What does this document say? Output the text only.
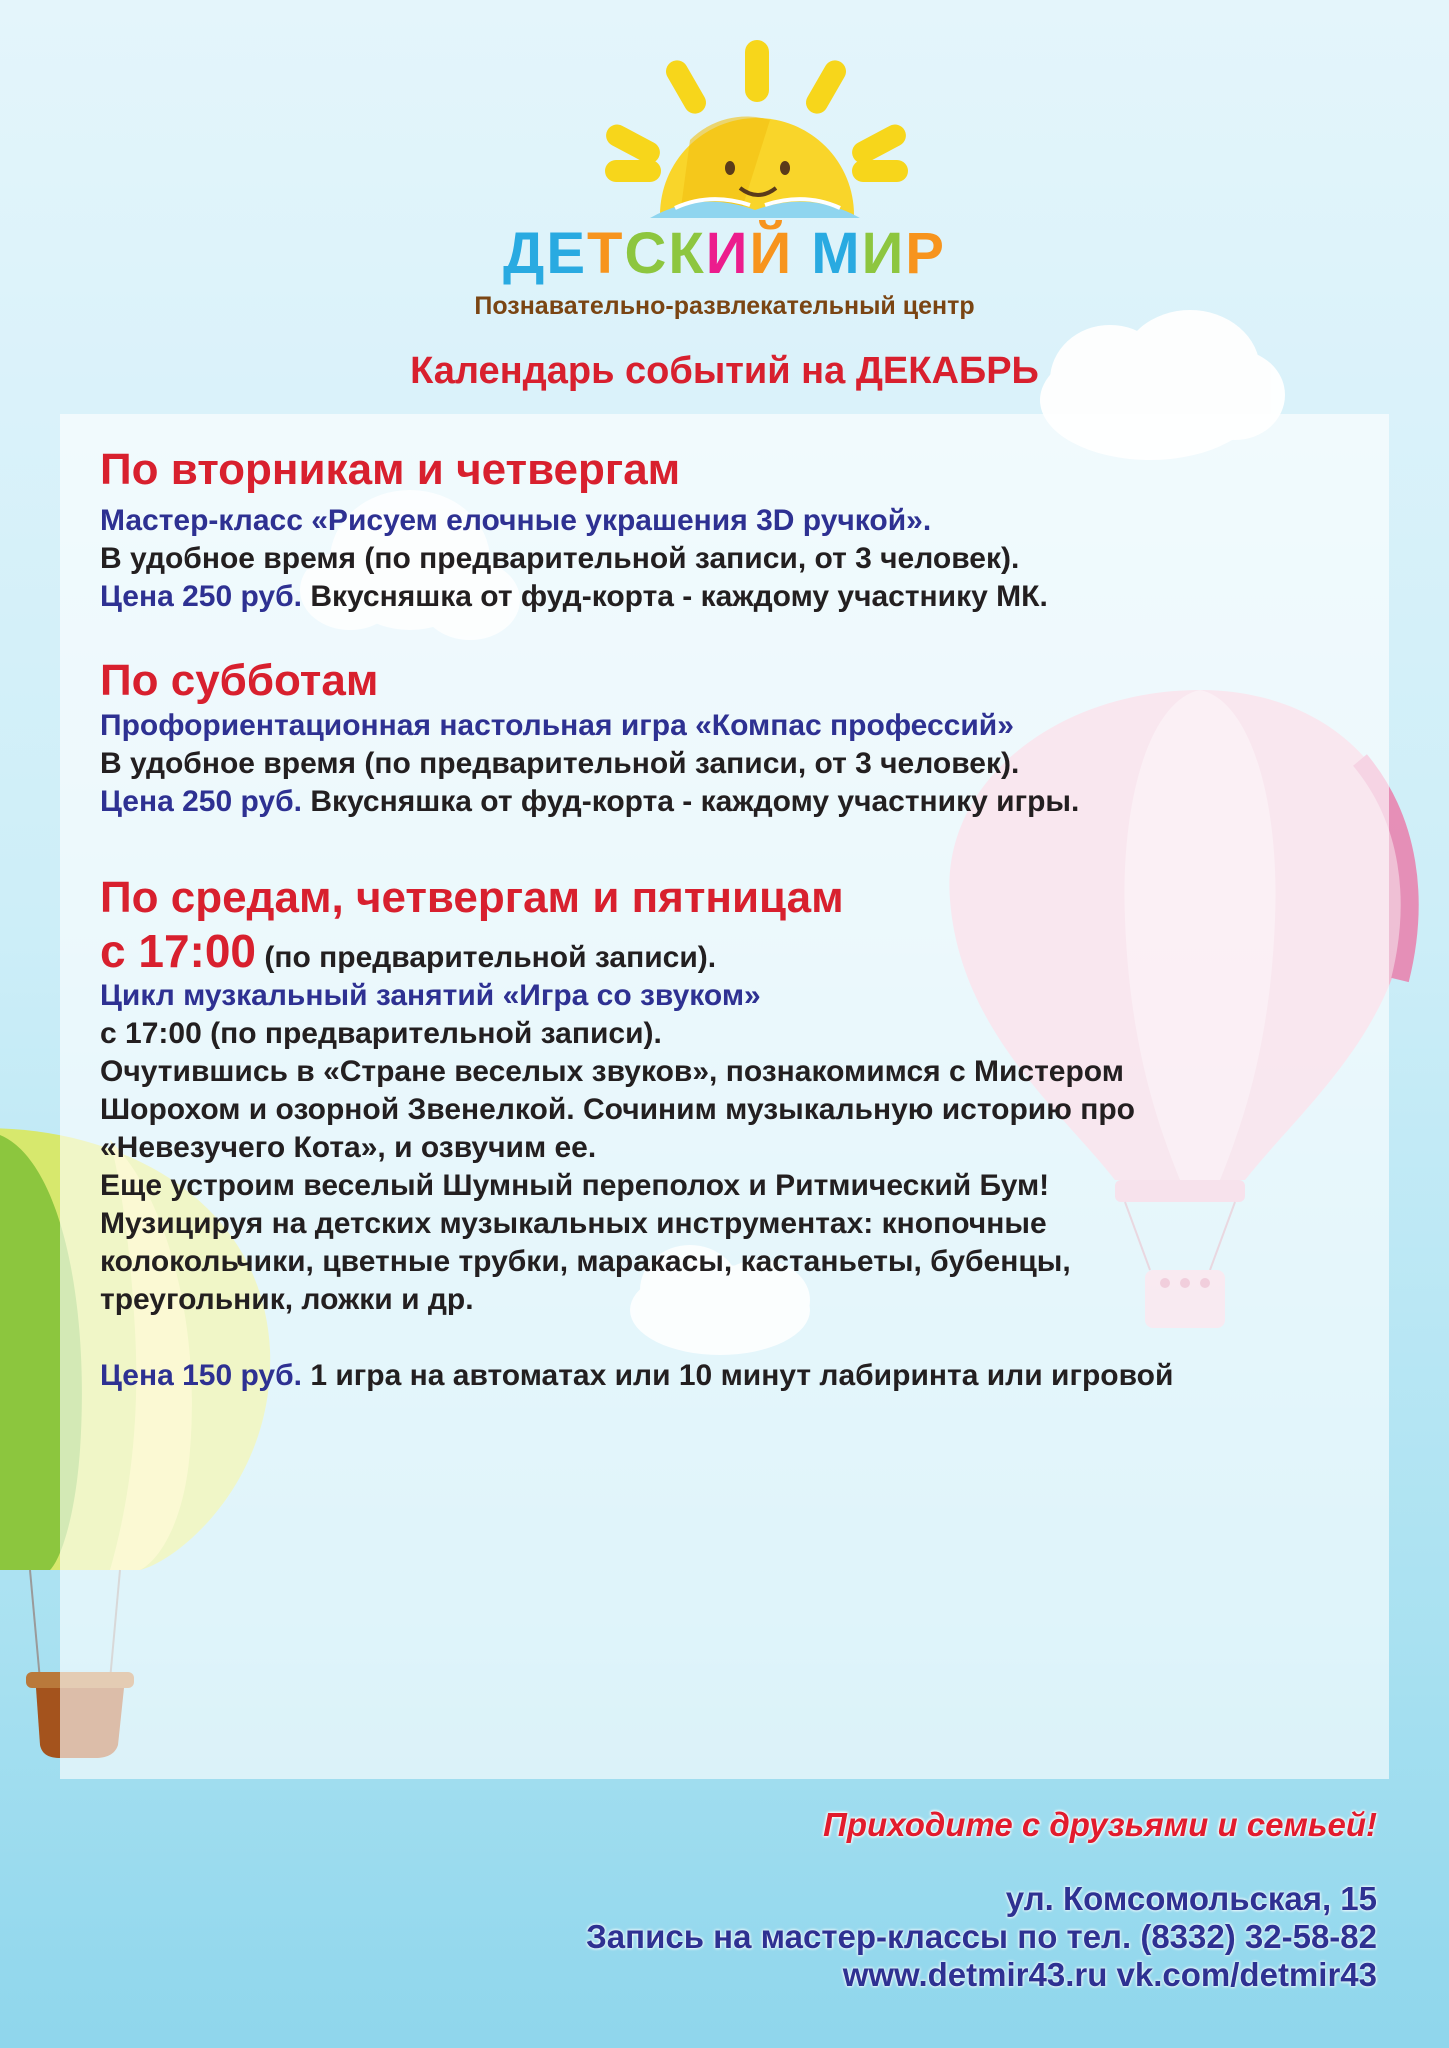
ДЕТСКИЙ МИР
Познавательно-развлекательный центр
Календарь событий на ДЕКАБРЬ

По вторникам и четвергам

Мастер-класс «Рисуем елочные украшения 3D ручкой».

В удобное время (по предварительной записи, от 3 человек).

Цена 250 руб. Вкусняшка от фуд-корта - каждому участнику МК.

По субботам

Профориентационная настольная игра «Компас профессий»

В удобное время (по предварительной записи, от 3 человек).

Цена 250 руб. Вкусняшка от фуд-корта - каждому участнику игры.

По средам, четвергам и пятницам

с 17:00 (по предварительной записи).

Цикл музкальный занятий «Игра со звуком»

с 17:00 (по предварительной записи).

Очутившись в «Стране веселых звуков», познакомимся с Мистером

Шорохом и озорной Звенелкой. Сочиним музыкальную историю про

«Невезучего Кота», и озвучим ее.

Еще устроим веселый Шумный переполох и Ритмический Бум!

Музицируя на детских музыкальных инструментах: кнопочные

колокольчики, цветные трубки, маракасы, кастаньеты, бубенцы,

треугольник, ложки и др.

Цена 150 руб. 1 игра на автоматах или 10 минут лабиринта или игровой

Приходите с друзьями и семьей!
ул. Комсомольская, 15
Запись на мастер-классы по тел. (8332) 32-58-82
www.detmir43.ru vk.com/detmir43
